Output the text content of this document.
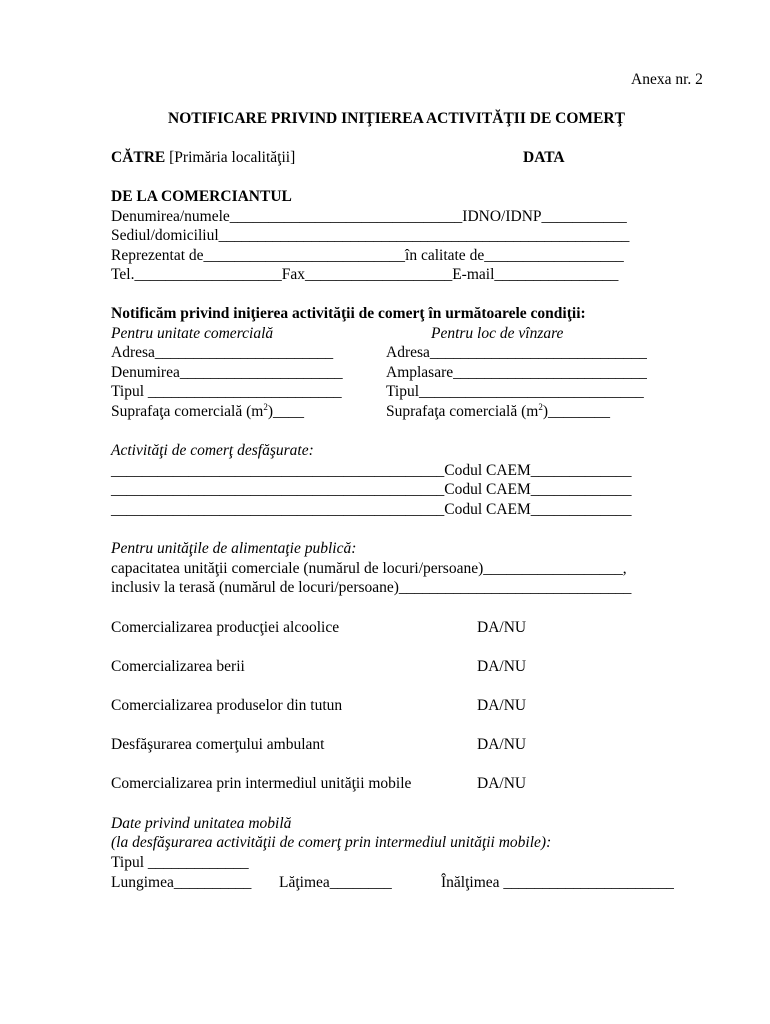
Anexa nr. 2
NOTIFICARE PRIVIND INIŢIEREA ACTIVITĂŢII DE COMERŢ
CĂTRE [Primăria localităţii]	DATA
DE LA COMERCIANTUL
Denumirea/numele______________________________IDNO/IDNP___________
Sediul/domiciliul_____________________________________________________
Reprezentat de__________________________în calitate de__________________
Tel.___________________Fax___________________E-mail________________
Notificăm privind iniţierea activităţii de comerţ în următoarele condiţii:
Pentru unitate comercială	Pentru loc de vînzare
Adresa_______________________	Adresa____________________________
Denumirea_____________________	Amplasare_________________________
Tipul _________________________	Tipul_____________________________
Suprafaţa comercială $(m^2)\_\_\_\_$	Suprafaţa comercială $(m^2)\_\_\_\_\_\_\_\_$
Activităţi de comerţ desfăşurate:
___________________________________________Codul CAEM_____________
___________________________________________Codul CAEM_____________
___________________________________________Codul CAEM_____________
Pentru unităţile de alimentaţie publică:
capacitatea unităţii comerciale (numărul de locuri/persoane)__________________,
inclusiv la terasă (numărul de locuri/persoane)______________________________
Comercializarea producţiei alcoolice	DA/NU
Comercializarea berii	DA/NU
Comercializarea produselor din tutun	DA/NU
Desfăşurarea comerţului ambulant	DA/NU
Comercializarea prin intermediul unităţii mobile	DA/NU
Date privind unitatea mobilă
(la desfăşurarea activităţii de comerţ prin intermediul unităţii mobile):
Tipul _____________
Lungimea__________ Lăţimea________	Înălţimea ______________________
